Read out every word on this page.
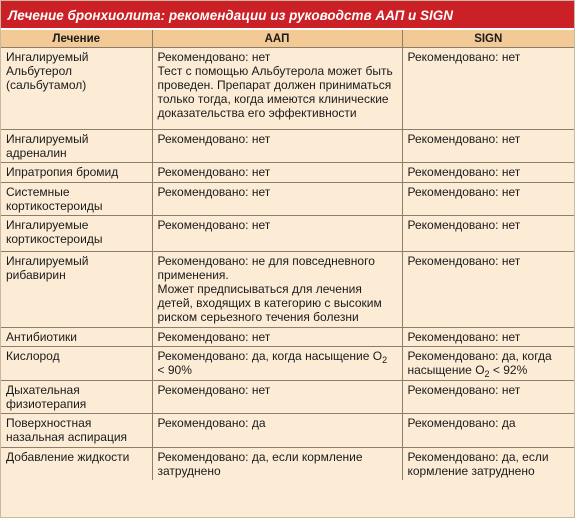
Лечение бронхиолита: рекомендации из руководств ААП и SIGN
Лечение	ААП	SIGN

Ингалируемый
Альбутерол
(сальбутамол)	Рекомендовано: нет
Тест с помощью Альбутерола может быть
проведен. Препарат должен приниматься
только тогда, когда имеются клинические
доказательства его эффективности	Рекомендовано: нет

Ингалируемый
адреналин	Рекомендовано: нет	Рекомендовано: нет

Ипратропия бромид	Рекомендовано: нет	Рекомендовано: нет

Системные
кортикостероиды	Рекомендовано: нет	Рекомендовано: нет

Ингалируемые
кортикостероиды	Рекомендовано: нет	Рекомендовано: нет

Ингалируемый
рибавирин	Рекомендовано: не для повседневного
применения.
Может предписываться для лечения
детей, входящих в категорию с высоким
риском серьезного течения болезни	Рекомендовано: нет

Антибиотики	Рекомендовано: нет	Рекомендовано: нет

Кислород	Рекомендовано: да, когда насыщение $О_2$
< 90%	Рекомендовано: да, когда
насыщение $О_2 < 92\%$

Дыхательная
физиотерапия	Рекомендовано: нет	Рекомендовано: нет

Поверхностная
назальная аспирация	Рекомендовано: да	Рекомендовано: да

Добавление жидкости	Рекомендовано: да, если кормление
затруднено	Рекомендовано: да, если
кормление затруднено
